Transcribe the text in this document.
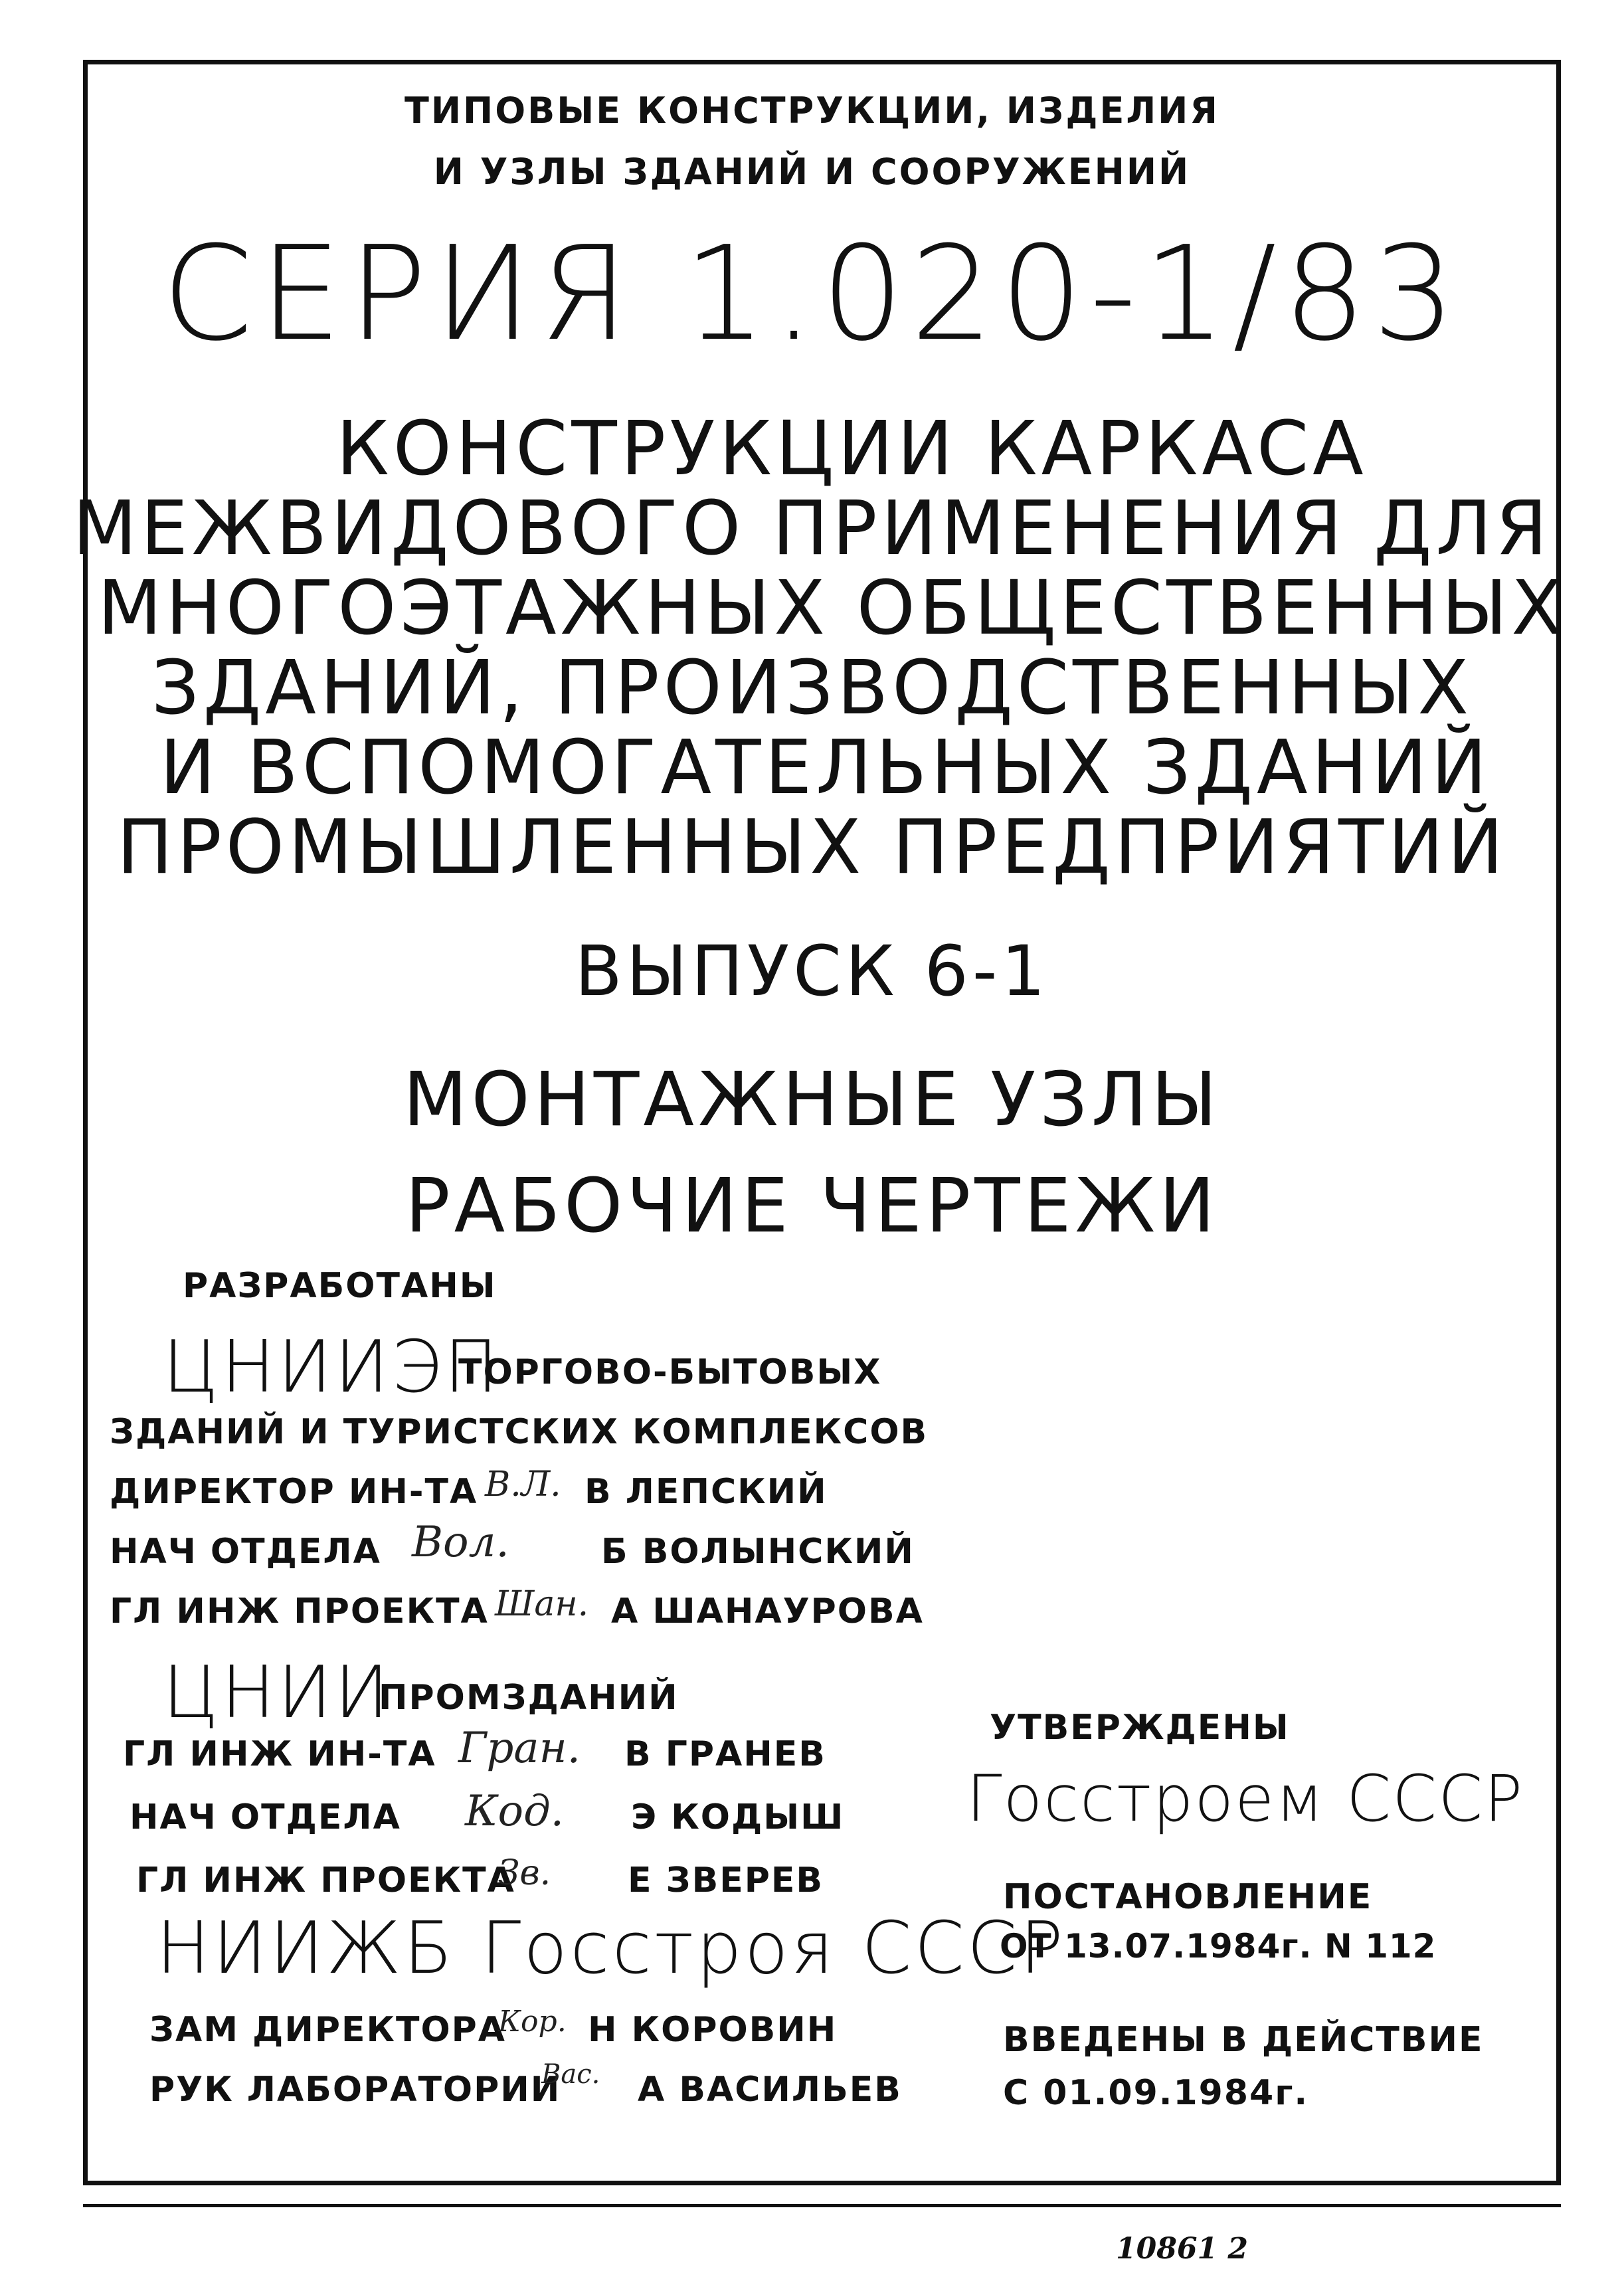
ТИПОВЫЕ КОНСТРУКЦИИ, ИЗДЕЛИЯ
И УЗЛЫ ЗДАНИЙ И СООРУЖЕНИЙ
СЕРИЯ 1.020-1/83
КОНСТРУКЦИИ КАРКАСА
МЕЖВИДОВОГО ПРИМЕНЕНИЯ ДЛЯ
МНОГОЭТАЖНЫХ ОБЩЕСТВЕННЫХ
ЗДАНИЙ, ПРОИЗВОДСТВЕННЫХ
И ВСПОМОГАТЕЛЬНЫХ ЗДАНИЙ
ПРОМЫШЛЕННЫХ ПРЕДПРИЯТИЙ
ВЫПУСК 6-1
МОНТАЖНЫЕ УЗЛЫ
РАБОЧИЕ ЧЕРТЕЖИ
РАЗРАБОТАНЫ
ЦНИИЭП
ТОРГОВО-БЫТОВЫХ
ЗДАНИЙ И ТУРИСТСКИХ КОМПЛЕКСОВ
ДИРЕКТОР ИН-ТА В.Л. В ЛЕПСКИЙ
НАЧ ОТДЕЛА Вол.	Б ВОЛЫНСКИЙ
ГЛ ИНЖ ПРОЕКТА Шан. А ШАНАУРОВА
ЦНИИ
ПРОМЗДАНИЙ
ГЛ ИНЖ ИН-ТА Гран. В ГРАНЕВ
НАЧ ОТДЕЛА Код. Э КОДЫШ
ГЛ ИНЖ ПРОЕКТА
Зв. Е ЗВЕРЕВ
НИИЖБ Госстроя СССР
ЗАМ ДИРЕКТОРА
Кор. Н КОРОВИН
РУК ЛАБОРАТОРИИ
Вас. А ВАСИЛЬЕВ
УТВЕРЖДЕНЫ
Госстроем СССР
ПОСТАНОВЛЕНИЕ
ОТ 13.07.1984г. N 112
ВВЕДЕНЫ В ДЕЙСТВИЕ
С 01.09.1984г.
10861 2
